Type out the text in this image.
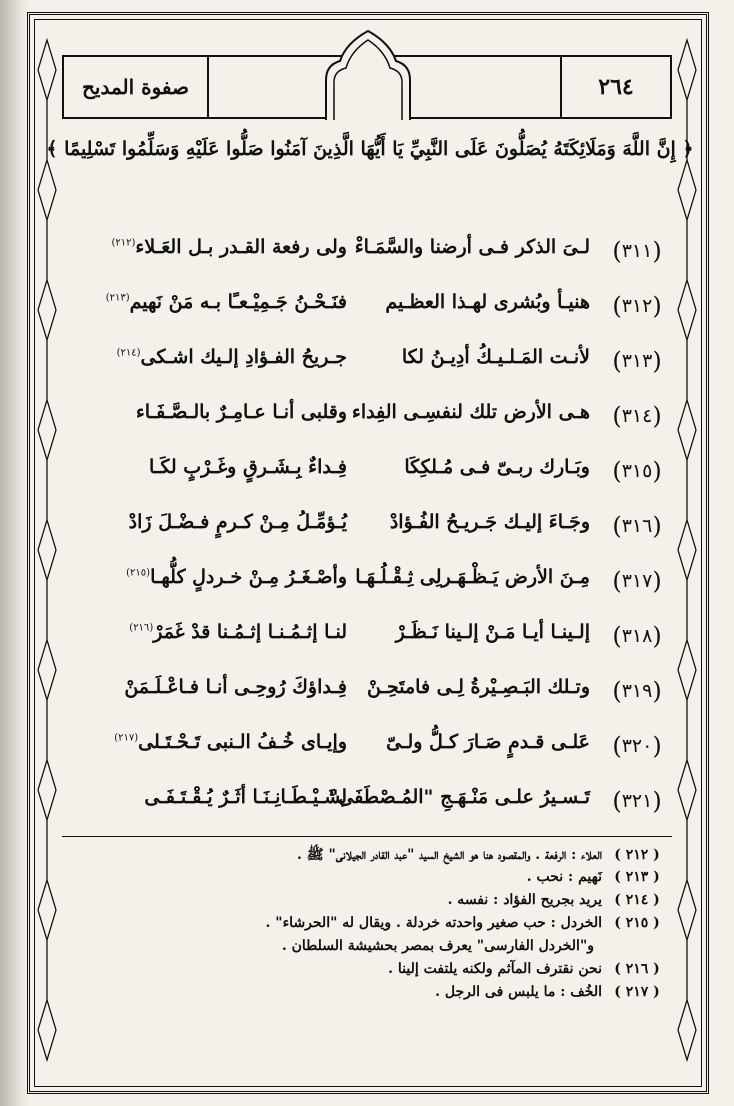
صفوة المديح	٢٦٤
﴿ إِنَّ اللَّهَ وَمَلَائِكَتَهُ يُصَلُّونَ عَلَى النَّبِيِّ يَا أَيُّهَا الَّذِينَ آمَنُوا صَلُّوا عَلَيْهِ وَسَلِّمُوا تَسْلِيمًا ﴾
(
٣١١
)
لـىَ الذكر فـى أرضنا والسَّمَـاءْ
ولى رفعة القـدر بـل العَـلاء$^{(٢١٢)}$
(
٣١٢
)
هنيـأ وبُشرى لهـذا العظـيم
فنَـحْـنُ جَـمِيْـعـًا بـه مَنْ نَهيم$^{(٢١٣)}$
(
٣١٣
)
لأنـت المَـلـيـكُ أدِيـنُ لكا
جـريحُ الفـؤادِ إلـيك اشـكى$^{(٢١٤)}$
(
٣١٤
)
هـى الأرض تلك لنفسِـى الفِداء
وقلبى أنـا عـامِـرٌ بالـصَّـفَـاء
(
٣١٥
)
وبَـارك ربـىّ فـى مُـلكِكَا
فِـداءٌ بِـشَـرقٍ وغَـرْبٍ لكَـا
(
٣١٦
)
وجَـاءَ إليـك جَـريـحُ الفُـؤادْ
يُـؤمِّـلُ مِـنْ كـرمٍ فـضْـلَ زَادْ
(
٣١٧
)
مِـنَ الأرض يَـظْـهَـرلِى ثِـقْـلُـهَـا
وأصْـغَـرُ مِـنْ خـردلٍ كلُّهـا$^{(٢١٥)}$
(
٣١٨
)
إلـينـا أيـا مَـنْ إلـينا نَـظَـرْ
لنـا إثـمُـنـا إثـمُـنا قدْ غَمَرْ$^{(٢١٦)}$
(
٣١٩
)
وتـلك البَـصِـيْرةُ لِـى فامتَحِـنْ
فِـداؤكَ رُوحِـى أنـا فـاعْـلَـمَنْ
(
٣٢٠
)
عَلـى قـدمٍ صَـارَ كـلُّ ولـىّ
وإيـاى خُـفُ الـنبى تَـحْـتَـلى$^{(٢١٧)}$
(
٣٢١
)
تَـسـيرُ علـى مَنْـهَـجِ "المُـصْطَفَى"
لِشَـيْـطَـانِـنَـا أثَـرٌ يُـقْـتَـفَـى
( ٢١٢ )العلاء : الرفعة . والمقصود هنا هو الشيخ السيد "عبد القادر الجيلانى" ﷺ .
( ٢١٣ )نَهيم : نحب .
( ٢١٤ )يريد بجريح الفؤاد : نفسه .
( ٢١٥ )الخردل : حب صغير واحدته خردلة . ويقال له "الحرشاء" .
و"الخردل الفارسى" يعرف بمصر بحشيشة السلطان .
( ٢١٦ )نحن نقترف المآثم ولكنه يلتفت إلينا .
( ٢١٧ )الخُف : ما يلبس فى الرجل .
